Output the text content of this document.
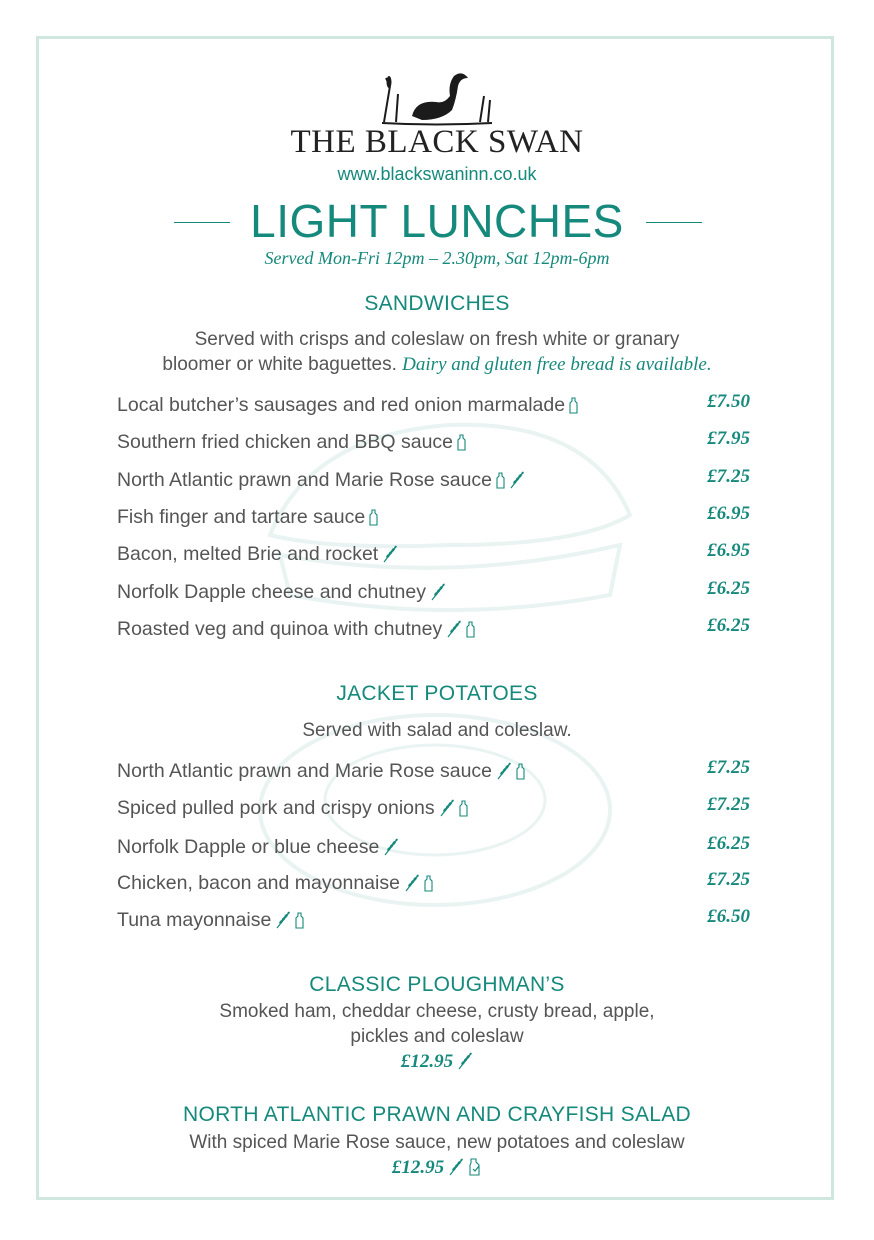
THE BLACK SWAN
www.blackswaninn.co.uk
LIGHT LUNCHES
Served Mon-Fri 12pm – 2.30pm, Sat 12pm-6pm
SANDWICHES
Served with crisps and coleslaw on fresh white or granary
bloomer or white baguettes. Dairy and gluten free bread is available.
Local butcher’s sausages and red onion marmalade	£7.50
Southern fried chicken and BBQ sauce	£7.95
North Atlantic prawn and Marie Rose sauce	£7.25
Fish finger and tartare sauce	£6.95
Bacon, melted Brie and rocket	£6.95
Norfolk Dapple cheese and chutney	£6.25
Roasted veg and quinoa with chutney	£6.25
JACKET POTATOES
Served with salad and coleslaw.
North Atlantic prawn and Marie Rose sauce	£7.25
Spiced pulled pork and crispy onions	£7.25
Norfolk Dapple or blue cheese	£6.25
Chicken, bacon and mayonnaise	£7.25
Tuna mayonnaise	£6.50
CLASSIC PLOUGHMAN’S
Smoked ham, cheddar cheese, crusty bread, apple,
pickles and coleslaw
£12.95
NORTH ATLANTIC PRAWN AND CRAYFISH SALAD
With spiced Marie Rose sauce, new potatoes and coleslaw
£12.95
